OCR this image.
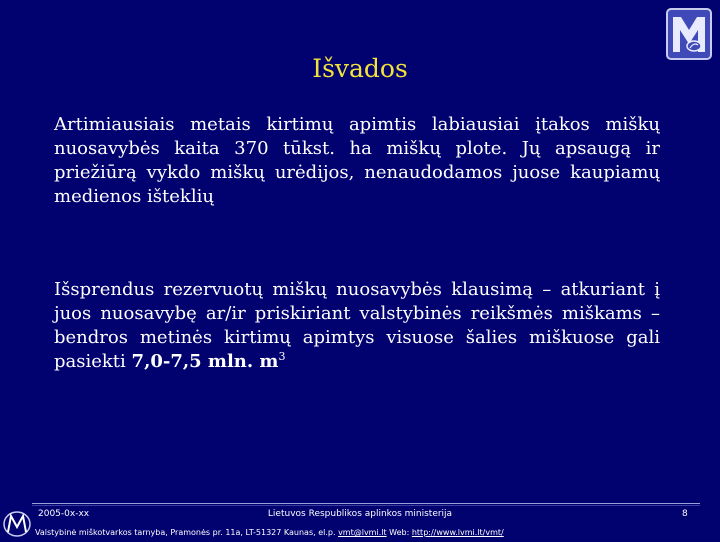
Išvados

Artimiausiais metais kirtimų apimtis labiausiai įtakos miškų nuosavybės kaita 370 tūkst. ha miškų plote. Jų apsaugą ir priežiūrą vykdo miškų urėdijos, nenaudodamos juose kaupiamų medienos išteklių

Išsprendus rezervuotų miškų nuosavybės klausimą – atkuriant į juos nuosavybę ar/ir priskiriant valstybinės reikšmės miškams – bendros metinės kirtimų apimtys visuose šalies miškuose gali pasiekti 7,0-7,5 mln. $m^3$

2005-0x-xx	Lietuvos Respublikos aplinkos ministerija	8
Valstybinė miškotvarkos tarnyba, Pramonės pr. 11a, LT-51327 Kaunas, el.p. vmt@lvmi.lt Web: http://www.lvmi.lt/vmt/
